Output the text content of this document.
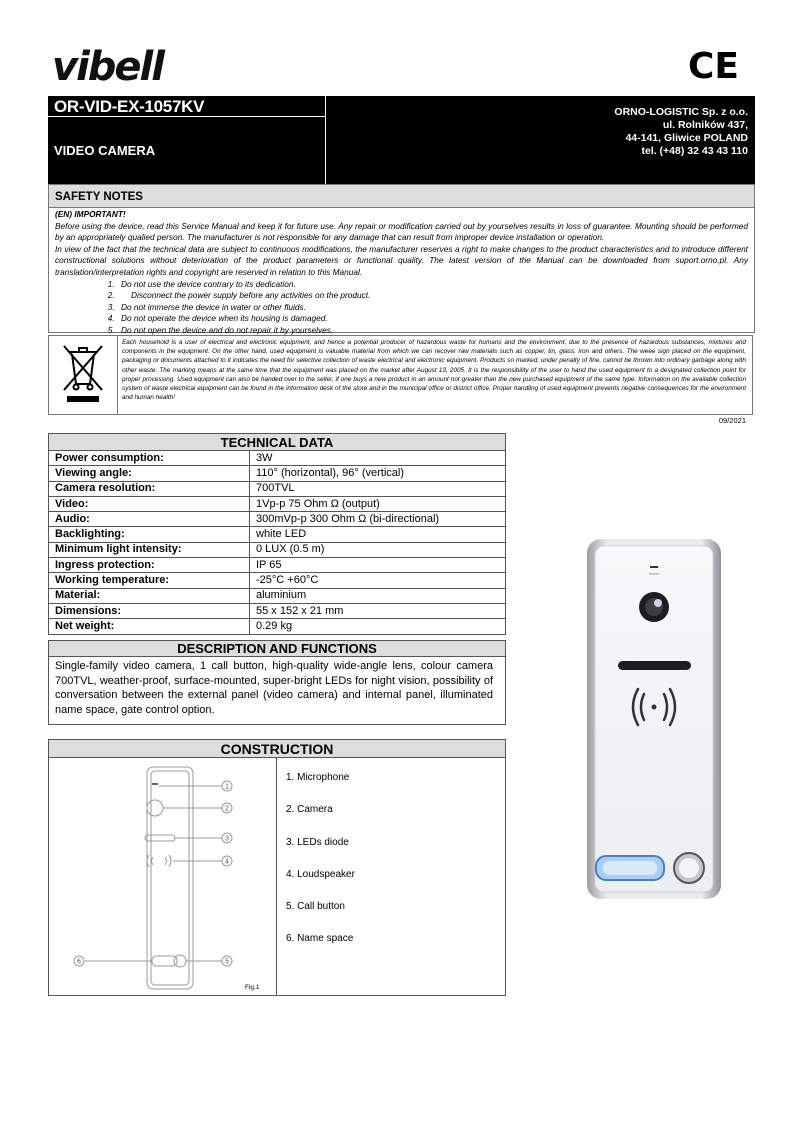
vibell	CE
OR-VID-EX-1057KV
VIDEO CAMERA
ORNO-LOGISTIC Sp. z o.o.
ul. Rolników 437,
44-141, Gliwice POLAND
tel. (+48) 32 43 43 110
SAFETY NOTES
(EN) IMPORTANT!
Before using the device, read this Service Manual and keep it for future use. Any repair or modification carried out by yourselves results in loss of guarantee. Mounting should be performed by an appropriately qualied person. The manufacturer is not responsible for any damage that can result from improper device installation or operation.
In view of the fact that the technical data are subject to continuous modifications, the manufacturer reserves a right to make changes to the product characteristics and to introduce different constructional solutions without deterioration of the product parameters or functional quality. The latest version of the Manual can be downloaded from suport.orno.pl. Any translation/interpretation rights and copyright are reserved in relation to this Manual.
1. Do not use the device contrary to its dedication.
2. Disconnect the power supply before any activities on the product.
3. Do not immerse the device in water or other fluids.
4. Do not operate the device when its housing is damaged.
5. Do not open the device and do not repair it by yourselves.
Each household is a user of electrical and electronic equipment, and hence a potential producer of hazardous waste for humans and the environment, due to the presence of hazardous substances, mixtures and components in the equipment. On the other hand, used equipment is valuable material from which we can recover raw materials such as copper, tin, glass, iron and others. The weee sign placed on the equipment, packaging or documents attached to it indicates the need for selective collection of waste electrical and electronic equipment. Products so marked, under penalty of fine, cannot be thrown into ordinary garbage along with other waste. The marking means at the same time that the equipment was placed on the market after August 13, 2005. It is the responsibility of the user to hand the used equipment to a designated collection point for proper processing. Used equipment can also be handed over to the seller, if one buys a new product in an amount not greater than the new purchased equipment of the same type. Information on the available collection system of waste electrical equipment can be found in the information desk of the store and in the municipal office or district office. Proper handling of used equipment prevents negative consequences for the environment and human health!
09/2021
TECHNICAL DATA	
Power consumption:	3W
Viewing angle:	110° (horizontal), 96° (vertical)
Camera resolution:	700TVL
Video:	1Vp-p 75 Ohm Ω (output)
Audio:	300mVp-p 300 Ohm Ω (bi-directional)
Backlighting:	white LED
Minimum light intensity:	0 LUX (0.5 m)
Ingress protection:	IP 65
Working temperature:	-25°C +60°C
Material:	aluminium
Dimensions:	55 x 152 x 21 mm
Net weight:	0.29 kg
DESCRIPTION AND FUNCTIONS
Single-family video camera, 1 call button, high-quality wide-angle lens, colour camera 700TVL, weather-proof, surface-mounted, super-bright LEDs for night vision, possibility of conversation between the external panel (video camera) and internal panel, illuminated name space, gate control option.
CONSTRUCTION
1
2
3
4
6	5
Fig.1
1. Microphone
2. Camera
3. LEDs diode
4. Loudspeaker
5. Call button
6. Name space
